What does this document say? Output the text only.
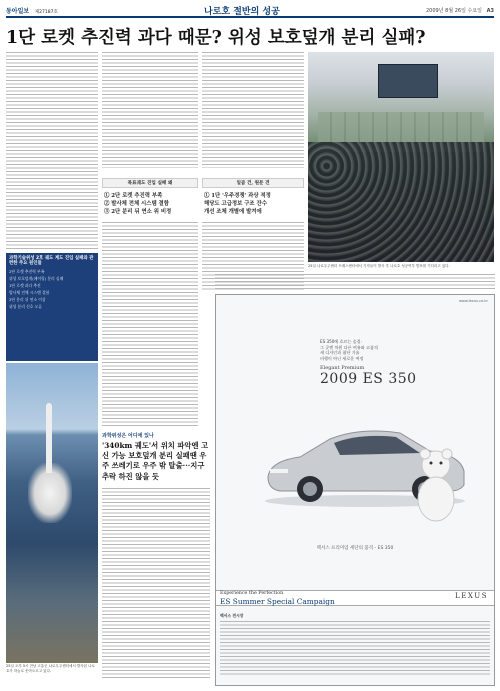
동아일보 제27187호	나로호 절반의 성공	2009년 8월 26일 수요일 A3
1단 로켓 추진력 과다 때문? 위성 보호덮개 분리 실패?
목표궤도 진입 실패 왜	일곱 건, 원문 견
① 2단 로켓 추진력 부족
② 발사체 전체 시스템 결함
③ 2단 분리 뒤 연소 위 비정
① 1단 '우주경쟁' 과상 적정
해당도 고급정보 구조 잔수
개선 조체 개별에 발겨에
25일 나로우주센터 프레스센터에서 기자들이 발사 후 나로호 성공여부 발표를 기다리고 있다.
과학기술위성 2호 궤도 계도 진입 실패와 관련한 주요 원인들
2단 로켓 추진력 부족
위성 보호덮개(페어링) 분리 실패
1단 로켓 과다 추진
발사체 전체 시스템 결함
2단 분리 뒤 연소 이상
위성 분리 신호 오류
25일 오후 5시 전남 고흥군 나로우주센터에서 발사된 나로호가 하늘로 솟아오르고 있다.
과학위성은 어디에 있나
'340km 궤도'서 위치 파악엔 고신 가능 보호덮개 분리 실패땐 우주 쓰레기로 우주 밖 탈출···지구 추락 하진 않을 듯
www.lexus.co.kr
ES 350에 흐르는 숨결·
그 곳엔 차원 다른 여유와 고품격
새 디자인과 첨단 기술
비행이 아닌 새로운 여정
Elegant Premium
2009 ES 350
렉서스 프리미엄 세단의 품격 - ES 350
Experience the Perfection
ES Summer Special Campaign
LEXUS
렉서스 전시장
